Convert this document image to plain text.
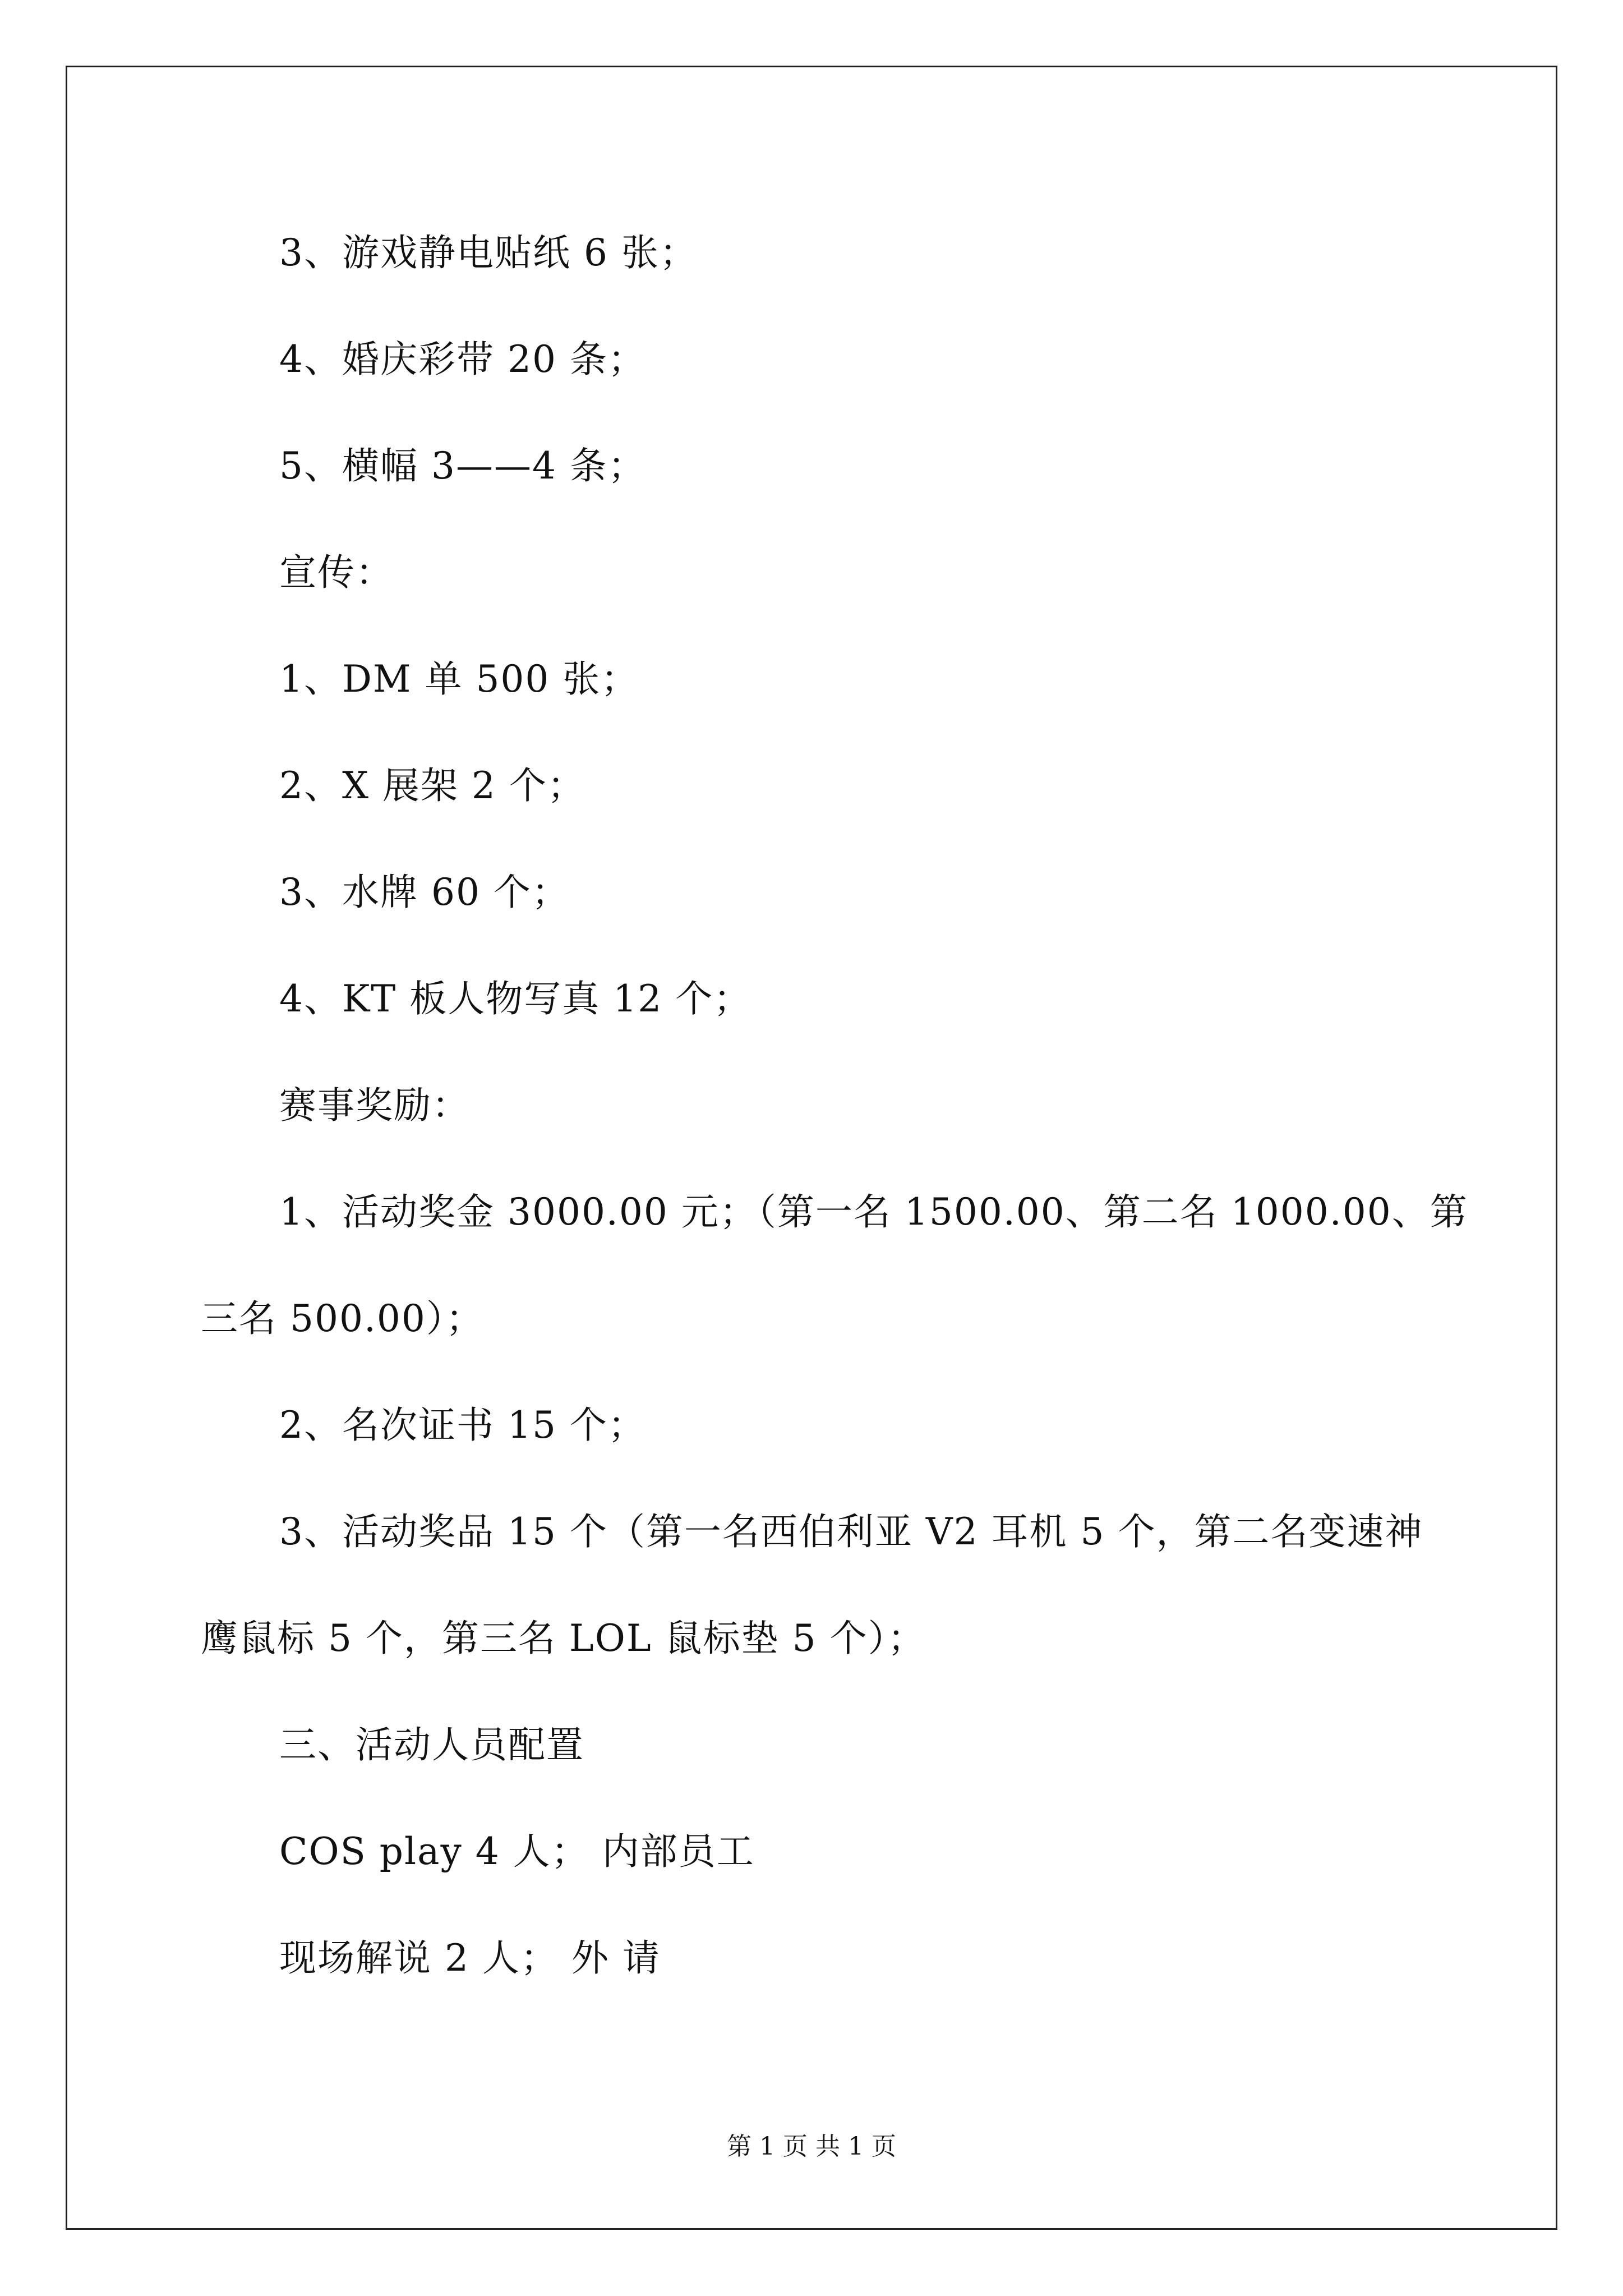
3、游戏静电贴纸 6 张；
4、婚庆彩带 20 条；
5、横幅 3——4 条；
宣传：
1、DM 单 500 张；
2、X 展架 2 个；
3、水牌 60 个；
4、KT 板人物写真 12 个；
赛事奖励：
1、活动奖金 3000.00 元；（第一名 1500.00、第二名 1000.00、第
三名 500.00）；
2、名次证书 15 个；
3、活动奖品 15 个（第一名西伯利亚 V2 耳机 5 个，第二名变速神
鹰鼠标 5 个，第三名 LOL 鼠标垫 5 个）；
三、活动人员配置
COS play 4 人； 内部员工
现场解说 2 人； 外 请
第 1 页 共 1 页
